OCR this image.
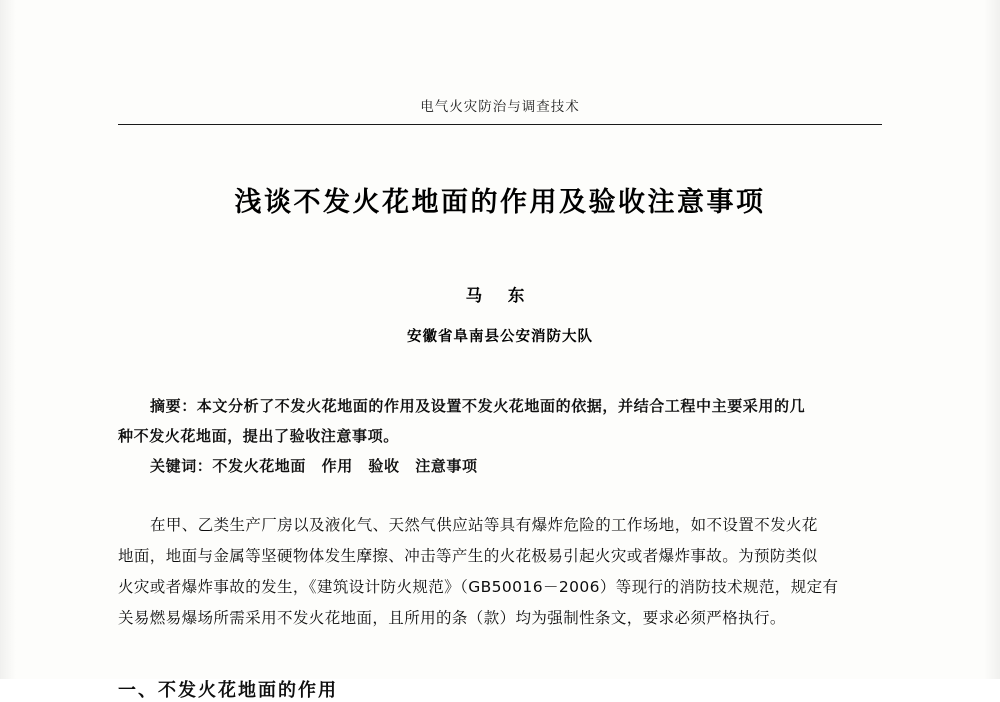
电气火灾防治与调查技术
浅谈不发火花地面的作用及验收注意事项
马 东
安徽省阜南县公安消防大队

摘要：本文分析了不发火花地面的作用及设置不发火花地面的依据，并结合工程中主要采用的几

种不发火花地面，提出了验收注意事项。

关键词：不发火花地面　作用　验收　注意事项

在甲、乙类生产厂房以及液化气、天然气供应站等具有爆炸危险的工作场地，如不设置不发火花

地面，地面与金属等坚硬物体发生摩擦、冲击等产生的火花极易引起火灾或者爆炸事故。为预防类似

火灾或者爆炸事故的发生，《建筑设计防火规范》（GB50016－2006）等现行的消防技术规范，规定有

关易燃易爆场所需采用不发火花地面，且所用的条（款）均为强制性条文，要求必须严格执行。

一、不发火花地面的作用
